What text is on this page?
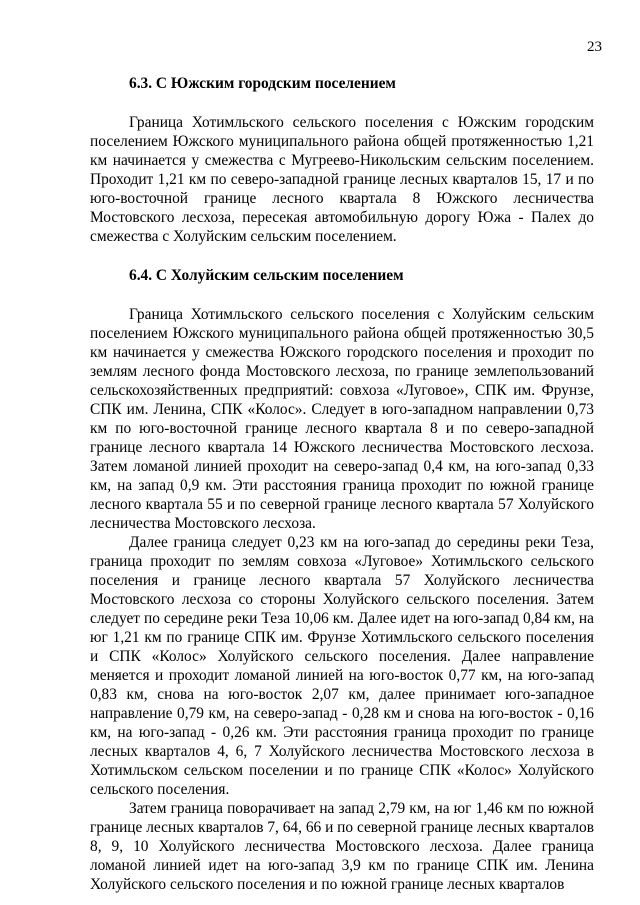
23

6.3. С Южским городским поселением

Граница Хотимльского сельского поселения с Южским городским поселением Южского муниципального района общей протяженностью 1,21 км начинается у смежества с Мугреево-Никольским сельским поселением. Проходит 1,21 км по северо-западной границе лесных кварталов 15, 17 и по юго-восточной границе лесного квартала 8 Южского лесничества Мостовского лесхоза, пересекая автомобильную дорогу Южа - Палех до смежества с Холуйским сельским поселением.

6.4. С Холуйским сельским поселением

Граница Хотимльского сельского поселения с Холуйским сельским поселением Южского муниципального района общей протяженностью 30,5 км начинается у смежества Южского городского поселения и проходит по землям лесного фонда Мостовского лесхоза, по границе землепользований сельскохозяйственных предприятий: совхоза «Луговое», СПК им. Фрунзе, СПК им. Ленина, СПК «Колос». Следует в юго-западном направлении 0,73 км по юго-восточной границе лесного квартала 8 и по северо-западной границе лесного квартала 14 Южского лесничества Мостовского лесхоза. Затем ломаной линией проходит на северо-запад 0,4 км, на юго-запад 0,33 км, на запад 0,9 км. Эти расстояния граница проходит по южной границе лесного квартала 55 и по северной границе лесного квартала 57 Холуйского лесничества Мостовского лесхоза.

Далее граница следует 0,23 км на юго-запад до середины реки Теза, граница проходит по землям совхоза «Луговое» Хотимльского сельского поселения и границе лесного квартала 57 Холуйского лесничества Мостовского лесхоза со стороны Холуйского сельского поселения. Затем следует по середине реки Теза 10,06 км. Далее идет на юго-запад 0,84 км, на юг 1,21 км по границе СПК им. Фрунзе Хотимльского сельского поселения и СПК «Колос» Холуйского сельского поселения. Далее направление меняется и проходит ломаной линией на юго-восток 0,77 км, на юго-запад 0,83 км, снова на юго-восток 2,07 км, далее принимает юго-западное направление 0,79 км, на северо-запад - 0,28 км и снова на юго-восток - 0,16 км, на юго-запад - 0,26 км. Эти расстояния граница проходит по границе лесных кварталов 4, 6, 7 Холуйского лесничества Мостовского лесхоза в Хотимльском сельском поселении и по границе СПК «Колос» Холуйского сельского поселения.

Затем граница поворачивает на запад 2,79 км, на юг 1,46 км по южной границе лесных кварталов 7, 64, 66 и по северной границе лесных кварталов 8, 9, 10 Холуйского лесничества Мостовского лесхоза. Далее граница ломаной линией идет на юго-запад 3,9 км по границе СПК им. Ленина Холуйского сельского поселения и по южной границе лесных кварталов
